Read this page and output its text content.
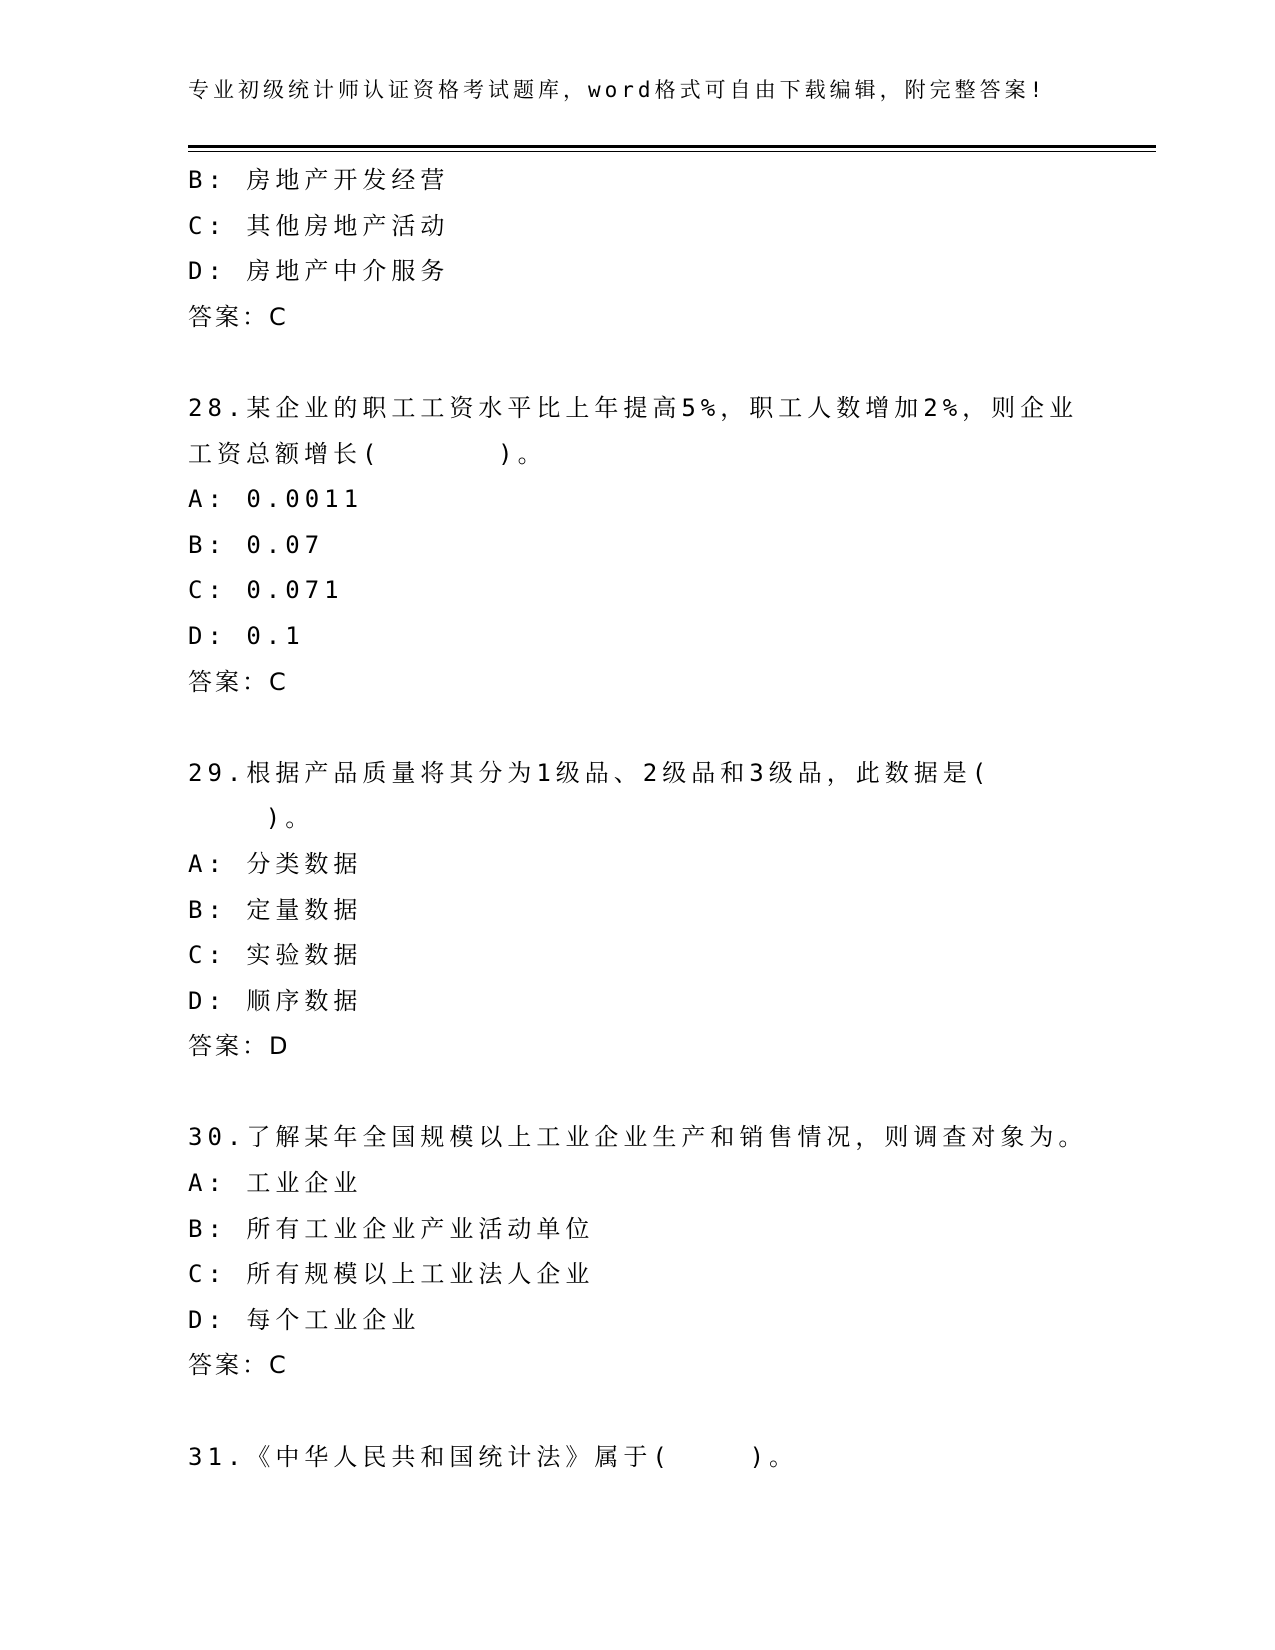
专业初级统计师认证资格考试题库，word格式可自由下载编辑，附完整答案!
B: 房地产开发经营
C: 其他房地产活动
D: 房地产中介服务
答案：C
28.某企业的职工工资水平比上年提高5%，职工人数增加2%，则企业
工资总额增长(      )。
A: 0.0011
B: 0.07
C: 0.071
D: 0.1
答案：C
29.根据产品质量将其分为1级品、2级品和3级品，此数据是(
)。
A: 分类数据
B: 定量数据
C: 实验数据
D: 顺序数据
答案：D
30.了解某年全国规模以上工业企业生产和销售情况，则调查对象为。
A: 工业企业
B: 所有工业企业产业活动单位
C: 所有规模以上工业法人企业
D: 每个工业企业
答案：C
31.《中华人民共和国统计法》属于(    )。
